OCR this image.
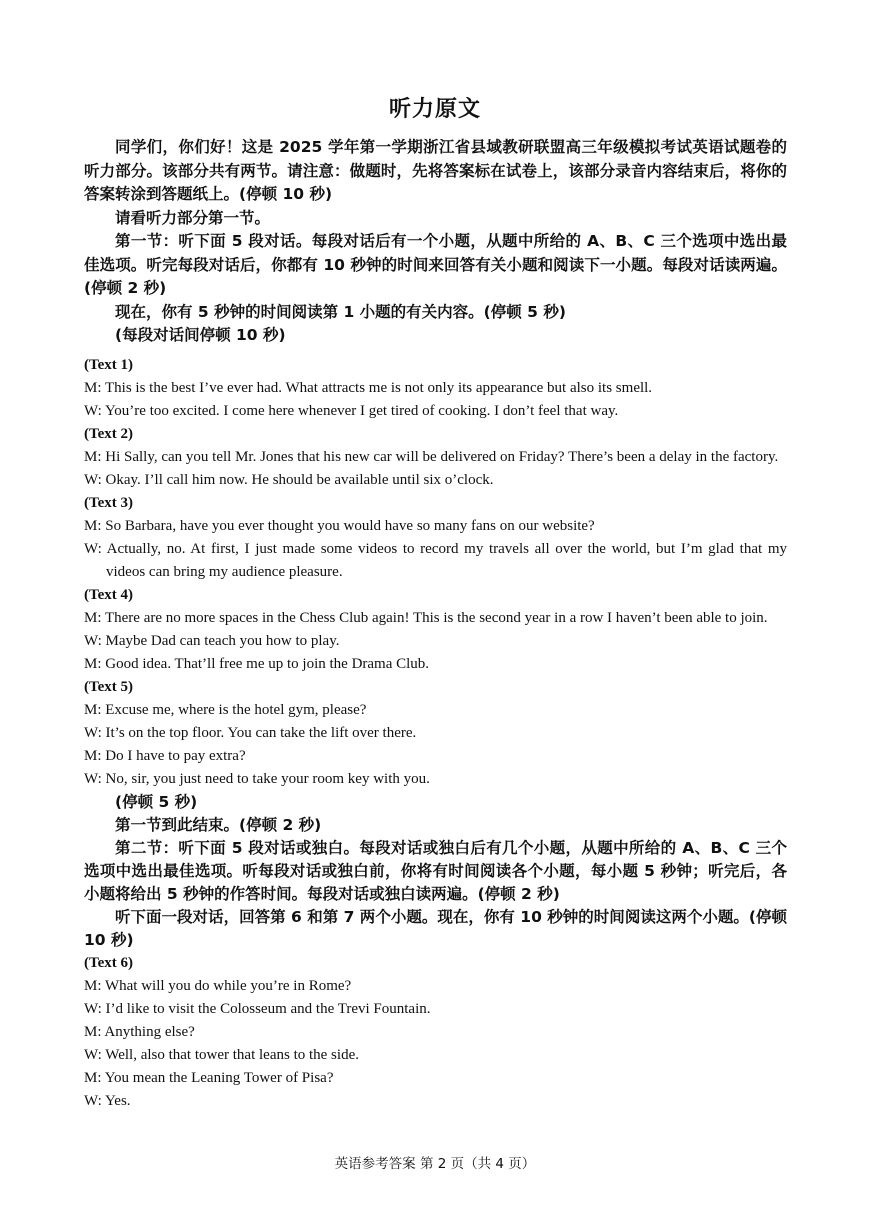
听力原文

同学们，你们好！这是 2025 学年第一学期浙江省县域教研联盟高三年级模拟考试英语试题卷的听力部分。该部分共有两节。请注意：做题时，先将答案标在试卷上，该部分录音内容结束后，将你的答案转涂到答题纸上。(停顿 10 秒)

请看听力部分第一节。

第一节：听下面 5 段对话。每段对话后有一个小题，从题中所给的 A、B、C 三个选项中选出最佳选项。听完每段对话后，你都有 10 秒钟的时间来回答有关小题和阅读下一小题。每段对话读两遍。(停顿 2 秒)

现在，你有 5 秒钟的时间阅读第 1 小题的有关内容。(停顿 5 秒)

(每段对话间停顿 10 秒)

(Text 1)

M: This is the best I’ve ever had. What attracts me is not only its appearance but also its smell.

W: You’re too excited. I come here whenever I get tired of cooking. I don’t feel that way.

(Text 2)

M: Hi Sally, can you tell Mr. Jones that his new car will be delivered on Friday? There’s been a delay in the factory.

W: Okay. I’ll call him now. He should be available until six o’clock.

(Text 3)

M: So Barbara, have you ever thought you would have so many fans on our website?

W: Actually, no. At first, I just made some videos to record my travels all over the world, but I’m glad that my videos can bring my audience pleasure.

(Text 4)

M: There are no more spaces in the Chess Club again! This is the second year in a row I haven’t been able to join.

W: Maybe Dad can teach you how to play.

M: Good idea. That’ll free me up to join the Drama Club.

(Text 5)

M: Excuse me, where is the hotel gym, please?

W: It’s on the top floor. You can take the lift over there.

M: Do I have to pay extra?

W: No, sir, you just need to take your room key with you.

(停顿 5 秒)

第一节到此结束。(停顿 2 秒)

第二节：听下面 5 段对话或独白。每段对话或独白后有几个小题，从题中所给的 A、B、C 三个选项中选出最佳选项。听每段对话或独白前，你将有时间阅读各个小题，每小题 5 秒钟；听完后，各小题将给出 5 秒钟的作答时间。每段对话或独白读两遍。(停顿 2 秒)

听下面一段对话，回答第 6 和第 7 两个小题。现在，你有 10 秒钟的时间阅读这两个小题。(停顿 10 秒)

(Text 6)

M: What will you do while you’re in Rome?

W: I’d like to visit the Colosseum and the Trevi Fountain.

M: Anything else?

W: Well, also that tower that leans to the side.

M: You mean the Leaning Tower of Pisa?

W: Yes.

英语参考答案 第 2 页（共 4 页）
